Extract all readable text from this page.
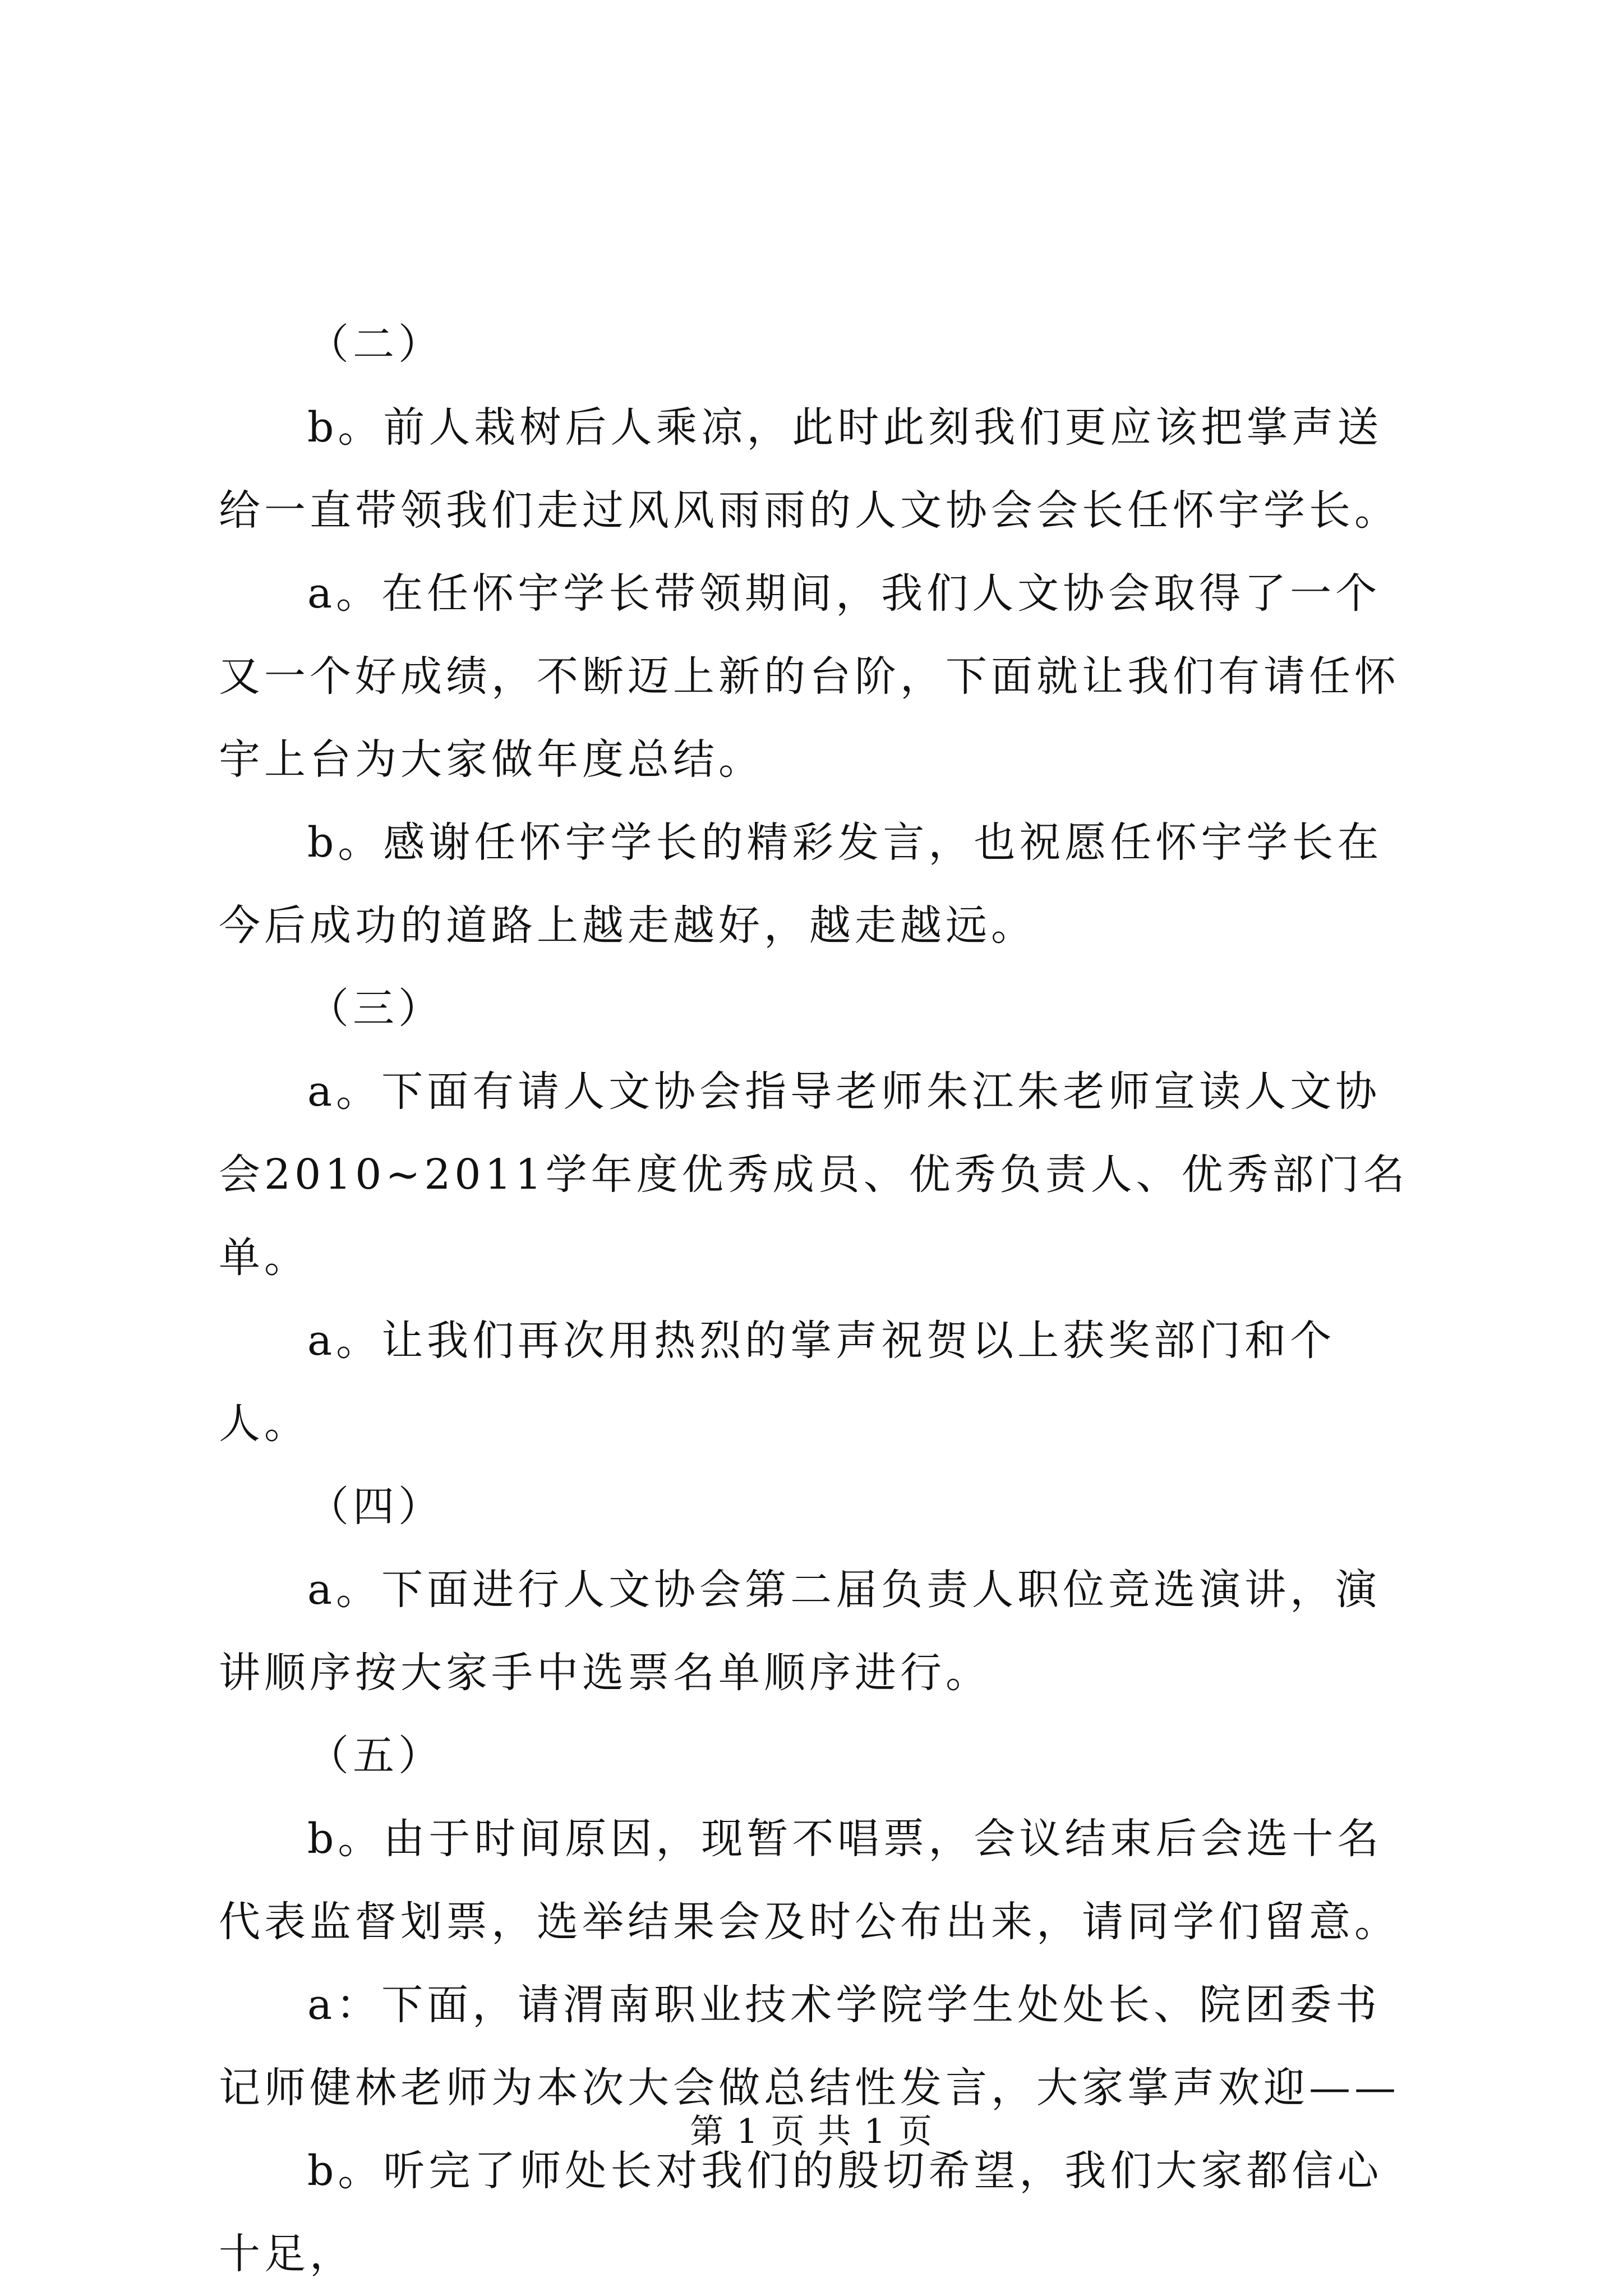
（二）

b。前人栽树后人乘凉，此时此刻我们更应该把掌声送给一直带领我们走过风风雨雨的人文协会会长任怀宇学长。

a。在任怀宇学长带领期间，我们人文协会取得了一个又一个好成绩，不断迈上新的台阶，下面就让我们有请任怀宇上台为大家做年度总结。

b。感谢任怀宇学长的精彩发言，也祝愿任怀宇学长在今后成功的道路上越走越好，越走越远。

（三）

a。下面有请人文协会指导老师朱江朱老师宣读人文协会2010~2011学年度优秀成员、优秀负责人、优秀部门名单。

a。让我们再次用热烈的掌声祝贺以上获奖部门和个人。

（四）

a。下面进行人文协会第二届负责人职位竞选演讲，演讲顺序按大家手中选票名单顺序进行。

（五）

b。由于时间原因，现暂不唱票，会议结束后会选十名代表监督划票，选举结果会及时公布出来，请同学们留意。

a：下面，请渭南职业技术学院学生处处长、院团委书记师健林老师为本次大会做总结性发言，大家掌声欢迎——

b。听完了师处长对我们的殷切希望，我们大家都信心十足，

第 1 页 共 1 页
